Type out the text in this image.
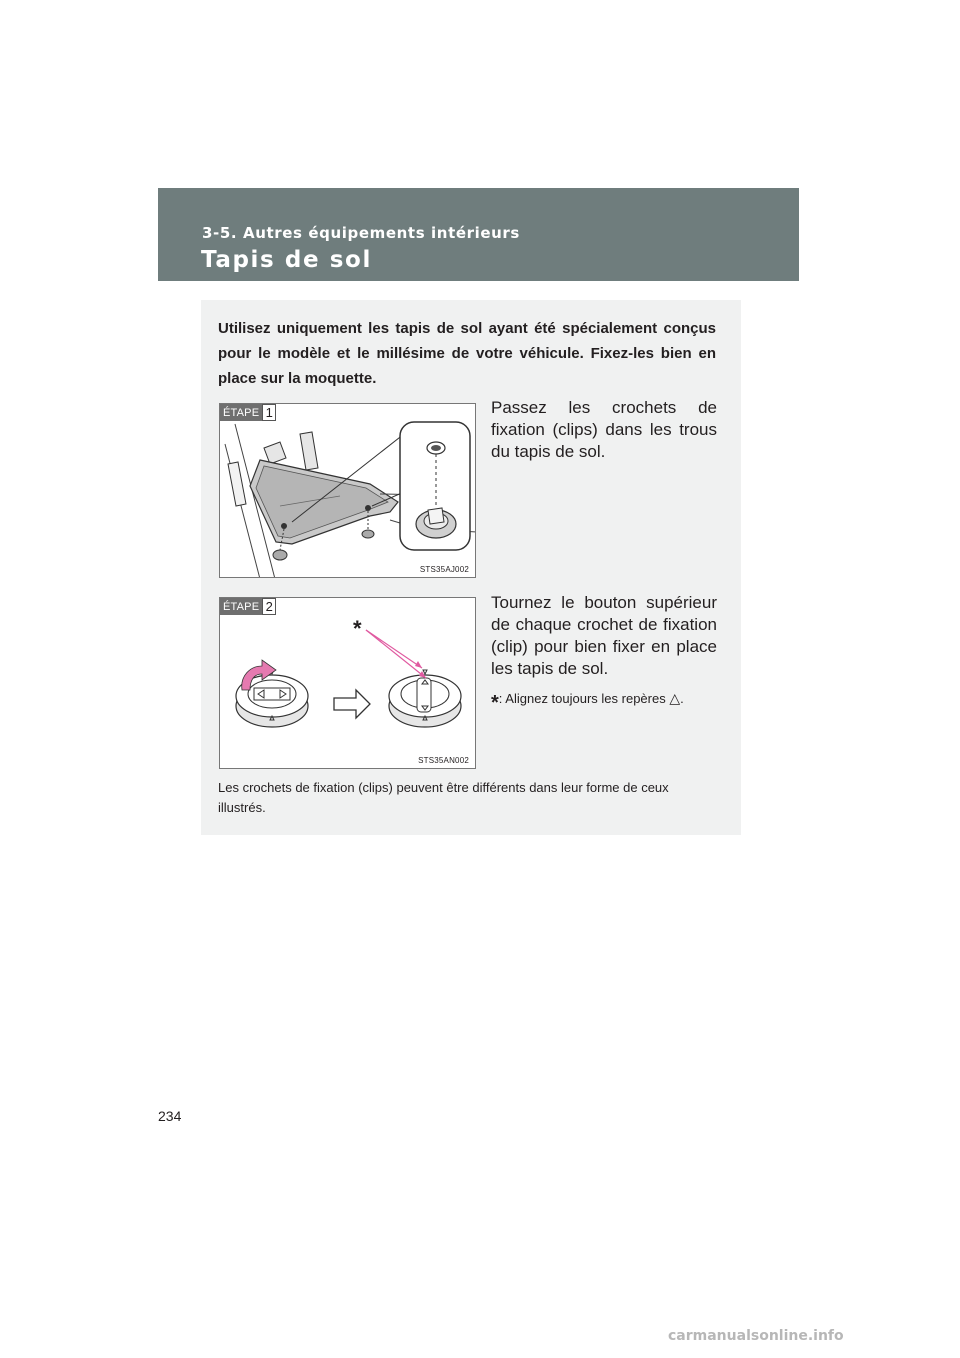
3-5. Autres équipements intérieurs
Tapis de sol

Utilisez uniquement les tapis de sol ayant été spécialement conçus pour le modèle et le millésime de votre véhicule. Fixez-les bien en place sur la moquette.

ÉTAPE 1
STS35AJ002

Passez les crochets de fixation (clips) dans les trous du tapis de sol.

ÉTAPE 2
*
STS35AN002

Tournez le bouton supérieur de chaque crochet de fixation (clip) pour bien fixer en place les tapis de sol.

*: Alignez toujours les repères △.

Les crochets de fixation (clips) peuvent être différents dans leur forme de ceux illustrés.

234
carmanualsonline.info
